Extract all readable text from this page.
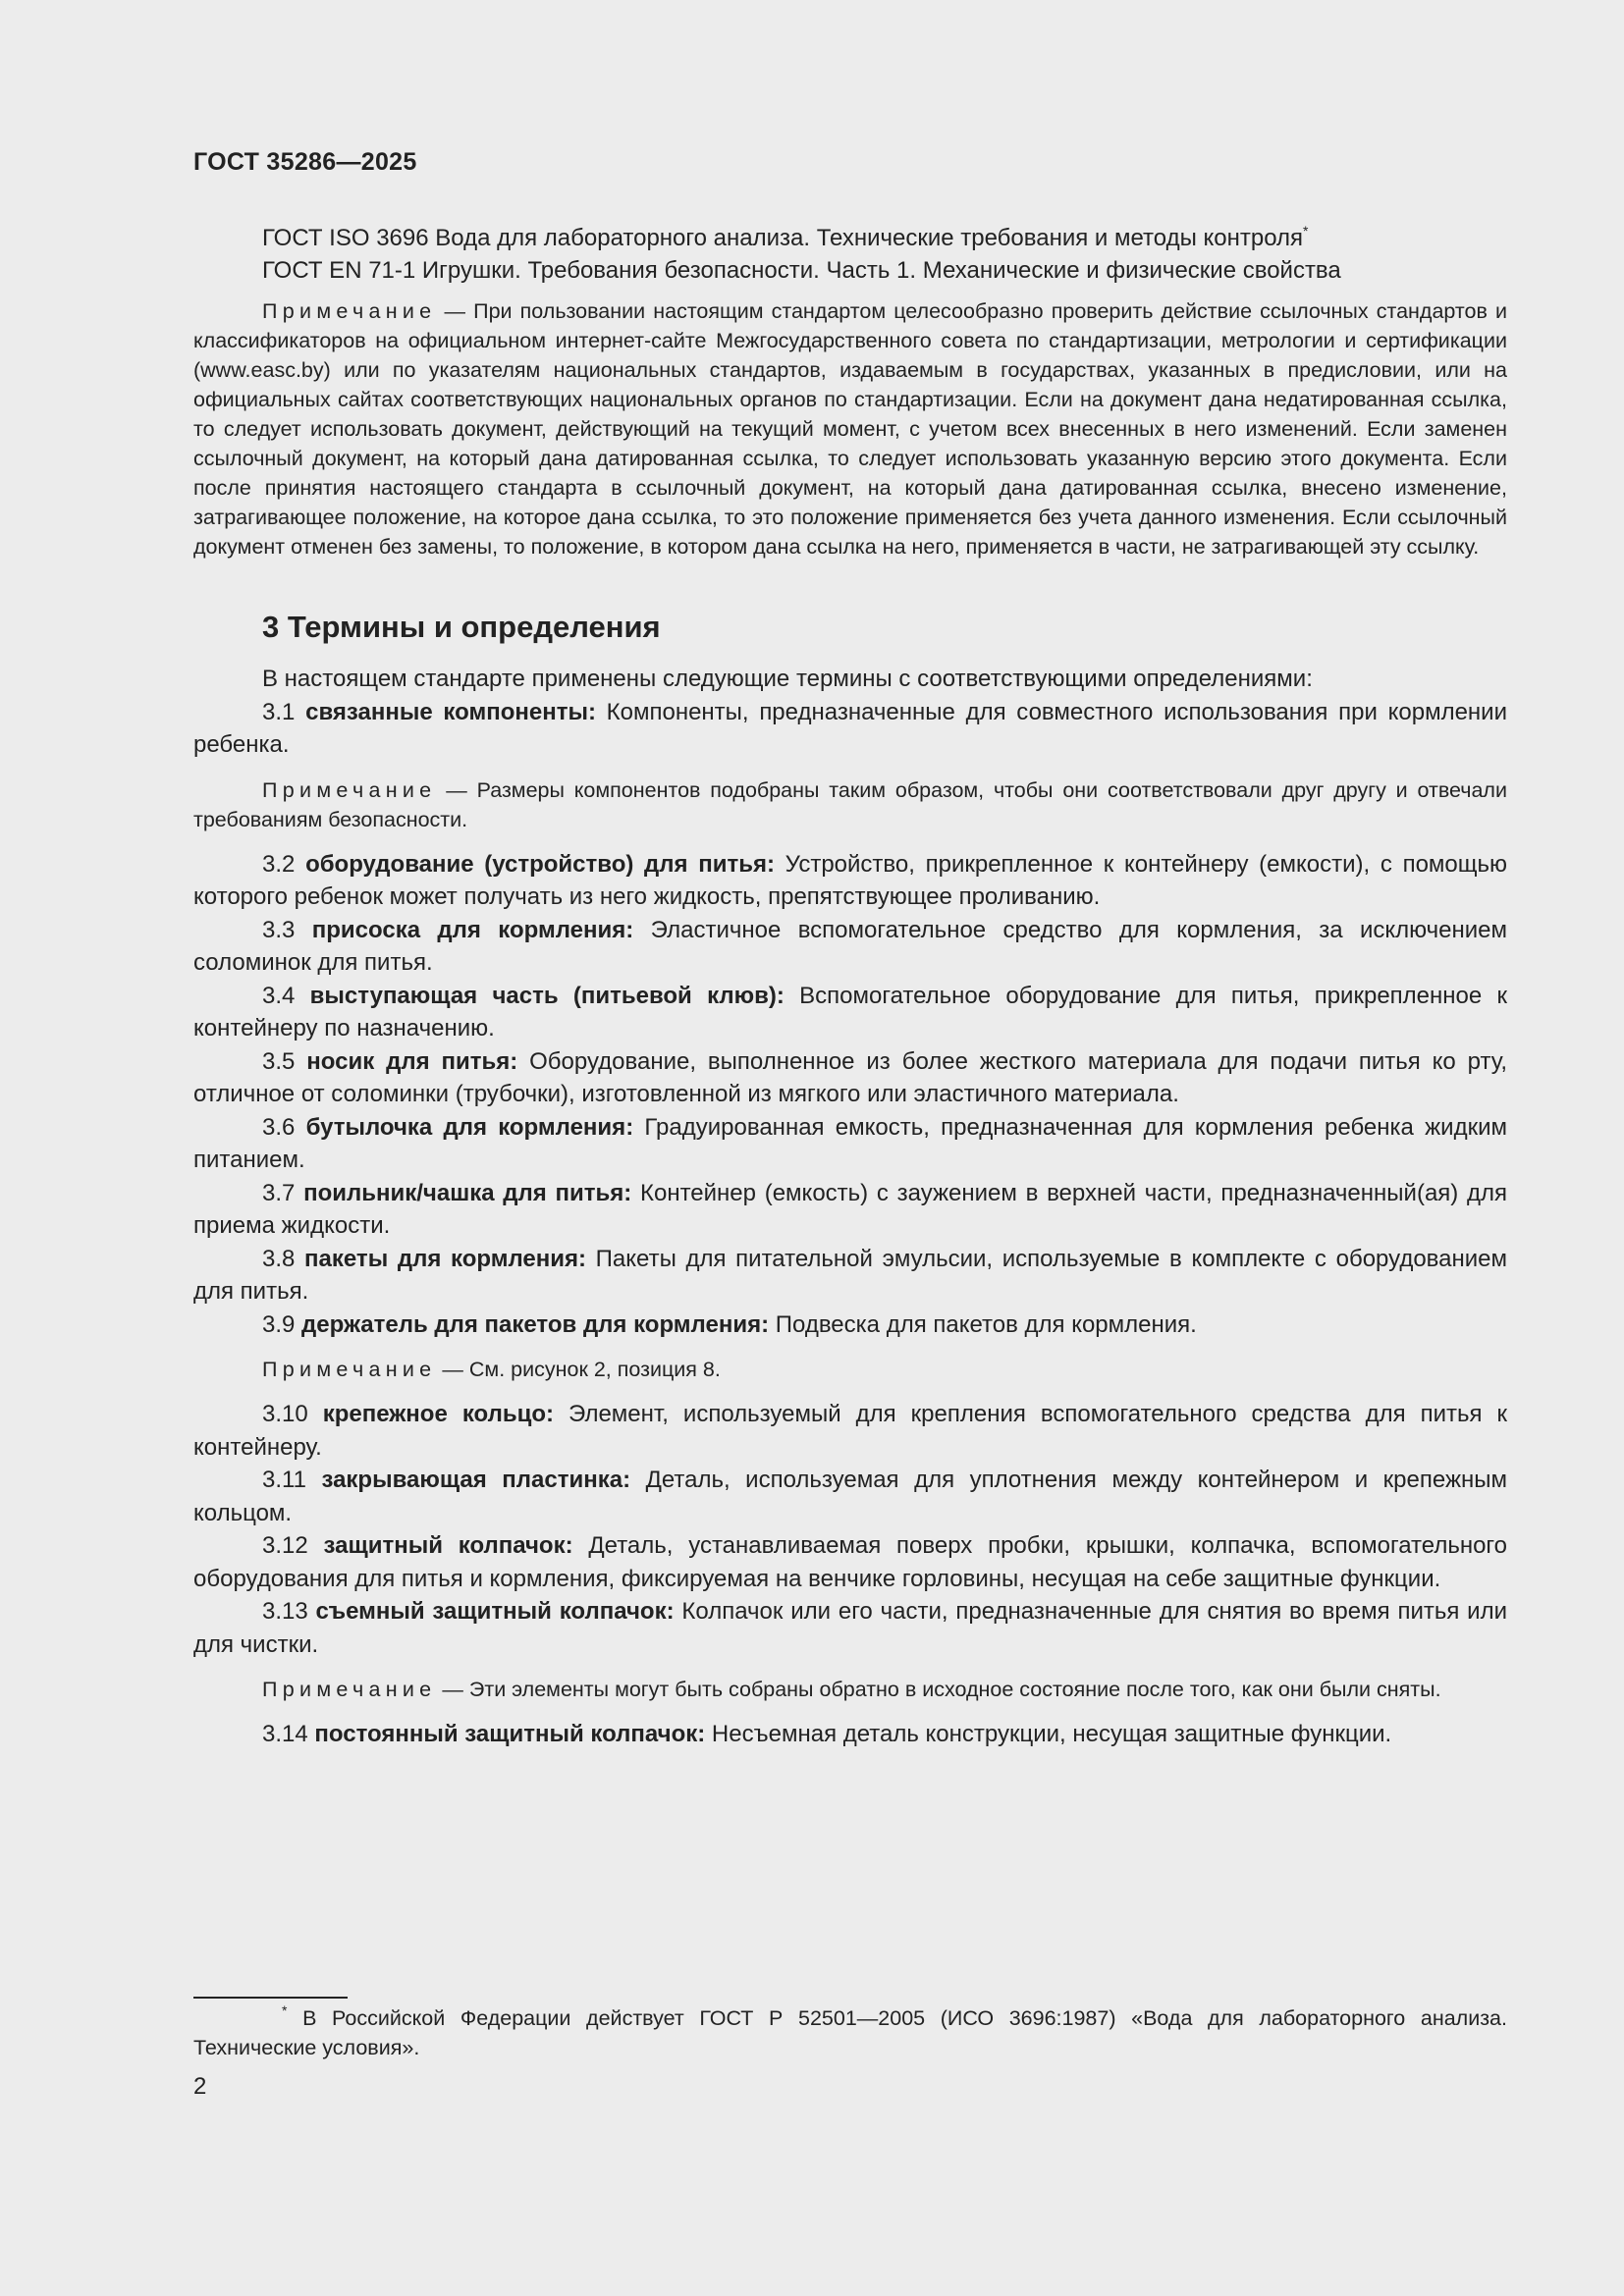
ГОСТ 35286—2025

ГОСТ ISO 3696 Вода для лабораторного анализа. Технические требования и методы контроля*

ГОСТ EN 71-1 Игрушки. Требования безопасности. Часть 1. Механические и физические свойства

Примечание — При пользовании настоящим стандартом целесообразно проверить действие ссылочных стандартов и классификаторов на официальном интернет-сайте Межгосударственного совета по стандартизации, метрологии и сертификации (www.easc.by) или по указателям национальных стандартов, издаваемым в государствах, указанных в предисловии, или на официальных сайтах соответствующих национальных органов по стандартизации. Если на документ дана недатированная ссылка, то следует использовать документ, действующий на текущий момент, с учетом всех внесенных в него изменений. Если заменен ссылочный документ, на который дана датированная ссылка, то следует использовать указанную версию этого документа. Если после принятия настоящего стандарта в ссылочный документ, на который дана датированная ссылка, внесено изменение, затрагивающее положение, на которое дана ссылка, то это положение применяется без учета данного изменения. Если ссылочный документ отменен без замены, то положение, в котором дана ссылка на него, применяется в части, не затрагивающей эту ссылку.

3 Термины и определения

В настоящем стандарте применены следующие термины с соответствующими определениями:

3.1 связанные компоненты: Компоненты, предназначенные для совместного использования при кормлении ребенка.

Примечание — Размеры компонентов подобраны таким образом, чтобы они соответствовали друг другу и отвечали требованиям безопасности.

3.2 оборудование (устройство) для питья: Устройство, прикрепленное к контейнеру (емкости), с помощью которого ребенок может получать из него жидкость, препятствующее проливанию.

3.3 присоска для кормления: Эластичное вспомогательное средство для кормления, за исключением соломинок для питья.

3.4 выступающая часть (питьевой клюв): Вспомогательное оборудование для питья, прикрепленное к контейнеру по назначению.

3.5 носик для питья: Оборудование, выполненное из более жесткого материала для подачи питья ко рту, отличное от соломинки (трубочки), изготовленной из мягкого или эластичного материала.

3.6 бутылочка для кормления: Градуированная емкость, предназначенная для кормления ребенка жидким питанием.

3.7 поильник/чашка для питья: Контейнер (емкость) с заужением в верхней части, предназначенный(ая) для приема жидкости.

3.8 пакеты для кормления: Пакеты для питательной эмульсии, используемые в комплекте с оборудованием для питья.

3.9 держатель для пакетов для кормления: Подвеска для пакетов для кормления.

Примечание — См. рисунок 2, позиция 8.

3.10 крепежное кольцо: Элемент, используемый для крепления вспомогательного средства для питья к контейнеру.

3.11 закрывающая пластинка: Деталь, используемая для уплотнения между контейнером и крепежным кольцом.

3.12 защитный колпачок: Деталь, устанавливаемая поверх пробки, крышки, колпачка, вспомогательного оборудования для питья и кормления, фиксируемая на венчике горловины, несущая на себе защитные функции.

3.13 съемный защитный колпачок: Колпачок или его части, предназначенные для снятия во время питья или для чистки.

Примечание — Эти элементы могут быть собраны обратно в исходное состояние после того, как они были сняты.

3.14 постоянный защитный колпачок: Несъемная деталь конструкции, несущая защитные функции.

* В Российской Федерации действует ГОСТ Р 52501—2005 (ИСО 3696:1987) «Вода для лабораторного анализа. Технические условия».

2
